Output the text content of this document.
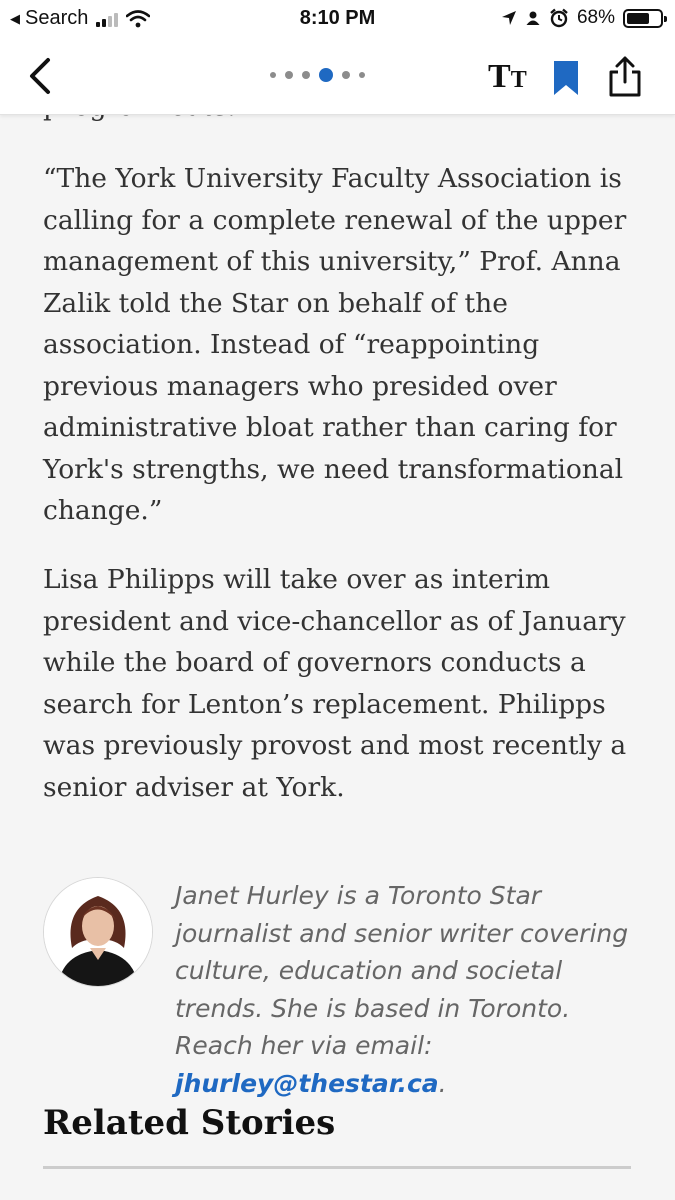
◀ Search	8:10 PM	68%
TT

“The York University Faculty Association is calling for a complete renewal of the upper management of this university,” Prof. Anna Zalik told the Star on behalf of the association. Instead of “reappointing previous managers who presided over administrative bloat rather than caring for York's strengths, we need transformational change.”

Lisa Philipps will take over as interim president and vice-chancellor as of January while the board of governors conducts a search for Lenton’s replacement. Philipps was previously provost and most recently a senior adviser at York.

Janet Hurley is a Toronto Star journalist and senior writer covering culture, education and societal trends. She is based in Toronto. Reach her via email: jhurley@thestar.ca.

Related Stories
